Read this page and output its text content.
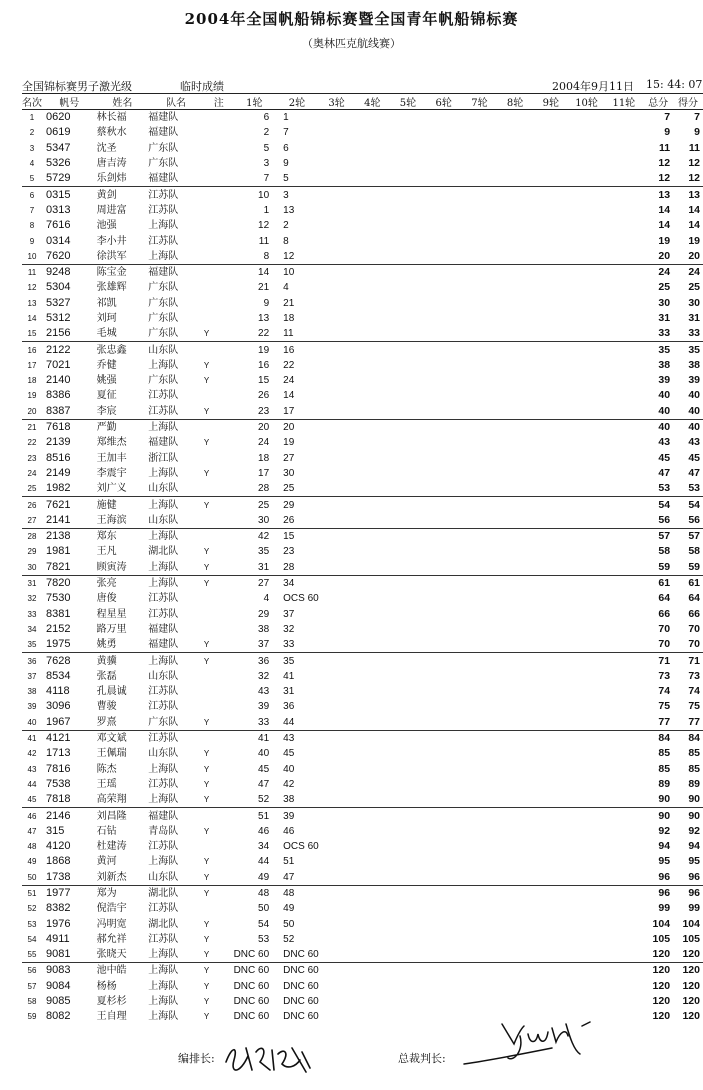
2004年全国帆船锦标赛暨全国青年帆船锦标赛
（奥林匹克航线赛）
全国锦标赛男子激光级	临时成绩	2004年9月11日 15: 44: 07
名次	帆号	姓名	队名	注	1轮	2轮	3轮	4轮	5轮	6轮	7轮	8轮	9轮	10轮	11轮	总分	得分
1	0620	林长福	福建队		6	1										7	7
2	0619	蔡秋水	福建队		2	7										9	9
3	5347	沈圣	广东队		5	6										11	11
4	5326	唐吉涛	广东队		3	9										12	12
5	5729	乐剑炜	福建队		7	5										12	12
6	0315	黄剑	江苏队		10	3										13	13
7	0313	周进富	江苏队		1	13										14	14
8	7616	池强	上海队		12	2										14	14
9	0314	李小井	江苏队		11	8										19	19
10	7620	徐洪军	上海队		8	12										20	20
11	9248	陈宝金	福建队		14	10										24	24
12	5304	张雄辉	广东队		21	4										25	25
13	5327	祁凯	广东队		9	21										30	30
14	5312	刘珂	广东队		13	18										31	31
15	2156	毛城	广东队	Y	22	11										33	33
16	2122	张忠鑫	山东队		19	16										35	35
17	7021	乔健	上海队	Y	16	22										38	38
18	2140	姚强	广东队	Y	15	24										39	39
19	8386	夏征	江苏队		26	14										40	40
20	8387	李宸	江苏队	Y	23	17										40	40
21	7618	严勤	上海队		20	20										40	40
22	2139	郑维杰	福建队	Y	24	19										43	43
23	8516	王加丰	浙江队		18	27										45	45
24	2149	李震宇	上海队	Y	17	30										47	47
25	1982	刘广义	山东队		28	25										53	53
26	7621	施健	上海队	Y	25	29										54	54
27	2141	王海滨	山东队		30	26										56	56
28	2138	郑东	上海队		42	15										57	57
29	1981	王凡	湖北队	Y	35	23										58	58
30	7821	顾寅涛	上海队	Y	31	28										59	59
31	7820	张亮	上海队	Y	27	34										61	61
32	7530	唐俊	江苏队		4	OCS 60										64	64
33	8381	程星星	江苏队		29	37										66	66
34	2152	路万里	福建队		38	32										70	70
35	1975	姚勇	福建队	Y	37	33										70	70
36	7628	黄骥	上海队	Y	36	35										71	71
37	8534	张磊	山东队		32	41										73	73
38	4118	孔晨诚	江苏队		43	31										74	74
39	3096	曹骏	江苏队		39	36										75	75
40	1967	罗熹	广东队	Y	33	44										77	77
41	4121	邓文斌	江苏队		41	43										84	84
42	1713	王佩瑞	山东队	Y	40	45										85	85
43	7816	陈杰	上海队	Y	45	40										85	85
44	7538	王瑶	江苏队	Y	47	42										89	89
45	7818	高荣翔	上海队	Y	52	38										90	90
46	2146	刘昌隆	福建队		51	39										90	90
47	315	石钻	青岛队	Y	46	46										92	92
48	4120	杜建涛	江苏队		34	OCS 60										94	94
49	1868	黄河	上海队	Y	44	51										95	95
50	1738	刘新杰	山东队	Y	49	47										96	96
51	1977	郑为	湖北队	Y	48	48										96	96
52	8382	倪浩宇	江苏队		50	49										99	99
53	1976	冯明宽	湖北队	Y	54	50										104	104
54	4911	郝允祥	江苏队	Y	53	52										105	105
55	9081	张晓天	上海队	Y	DNC 60	DNC 60										120	120
56	9083	池中皓	上海队	Y	DNC 60	DNC 60										120	120
57	9084	杨杨	上海队	Y	DNC 60	DNC 60										120	120
58	9085	夏杉杉	上海队	Y	DNC 60	DNC 60										120	120
59	8082	王自理	上海队	Y	DNC 60	DNC 60										120	120
编排长:	总裁判长:
